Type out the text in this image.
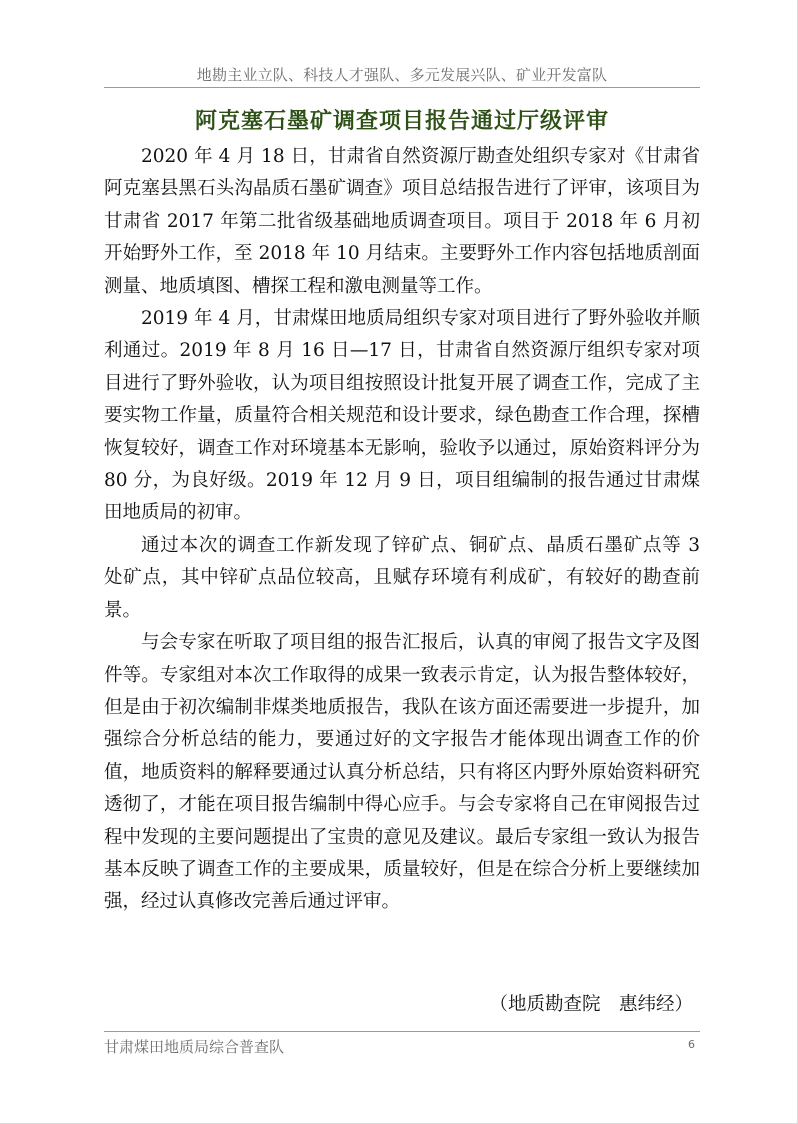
地勘主业立队、科技人才强队、多元发展兴队、矿业开发富队
阿克塞石墨矿调查项目报告通过厅级评审

2020 年 4 月 18 日，甘肃省自然资源厅勘查处组织专家对《甘肃省阿克塞县黑石头沟晶质石墨矿调查》项目总结报告进行了评审，该项目为甘肃省 2017 年第二批省级基础地质调查项目。项目于 2018 年 6 月初开始野外工作，至 2018 年 10 月结束。主要野外工作内容包括地质剖面测量、地质填图、槽探工程和激电测量等工作。

2019 年 4 月，甘肃煤田地质局组织专家对项目进行了野外验收并顺利通过。2019 年 8 月 16 日—17 日，甘肃省自然资源厅组织专家对项目进行了野外验收，认为项目组按照设计批复开展了调查工作，完成了主要实物工作量，质量符合相关规范和设计要求，绿色勘查工作合理，探槽恢复较好，调查工作对环境基本无影响，验收予以通过，原始资料评分为 80 分，为良好级。2019 年 12 月 9 日，项目组编制的报告通过甘肃煤田地质局的初审。

通过本次的调查工作新发现了锌矿点、铜矿点、晶质石墨矿点等 3 处矿点，其中锌矿点品位较高，且赋存环境有利成矿，有较好的勘查前景。

与会专家在听取了项目组的报告汇报后，认真的审阅了报告文字及图件等。专家组对本次工作取得的成果一致表示肯定，认为报告整体较好，但是由于初次编制非煤类地质报告，我队在该方面还需要进一步提升，加强综合分析总结的能力，要通过好的文字报告才能体现出调查工作的价值，地质资料的解释要通过认真分析总结，只有将区内野外原始资料研究透彻了，才能在项目报告编制中得心应手。与会专家将自己在审阅报告过程中发现的主要问题提出了宝贵的意见及建议。最后专家组一致认为报告基本反映了调查工作的主要成果，质量较好，但是在综合分析上要继续加强，经过认真修改完善后通过评审。

（地质勘查院　惠纬经）
甘肃煤田地质局综合普查队	6
